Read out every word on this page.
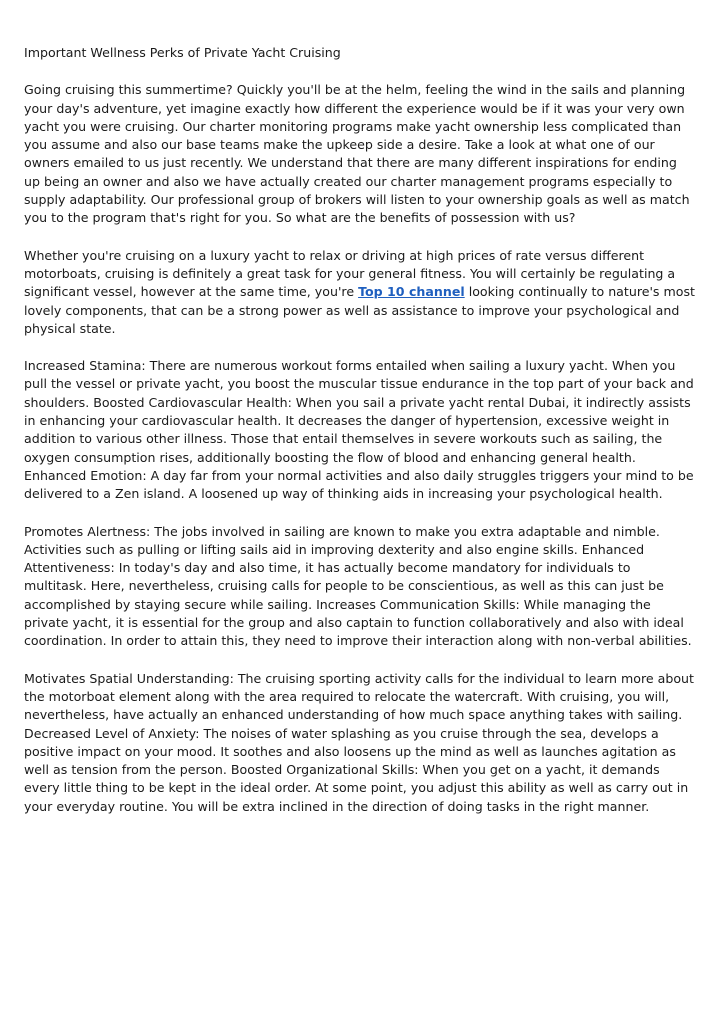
Important Wellness Perks of Private Yacht Cruising

Going cruising this summertime? Quickly you'll be at the helm, feeling the wind in the sails and planning your day's adventure, yet imagine exactly how different the experience would be if it was your very own yacht you were cruising. Our charter monitoring programs make yacht ownership less complicated than you assume and also our base teams make the upkeep side a desire. Take a look at what one of our owners emailed to us just recently. We understand that there are many different inspirations for ending up being an owner and also we have actually created our charter management programs especially to supply adaptability. Our professional group of brokers will listen to your ownership goals as well as match you to the program that's right for you. So what are the benefits of possession with us?

Whether you're cruising on a luxury yacht to relax or driving at high prices of rate versus different motorboats, cruising is definitely a great task for your general fitness. You will certainly be regulating a significant vessel, however at the same time, you're Top 10 channel looking continually to nature's most lovely components, that can be a strong power as well as assistance to improve your psychological and physical state.

Increased Stamina: There are numerous workout forms entailed when sailing a luxury yacht. When you pull the vessel or private yacht, you boost the muscular tissue endurance in the top part of your back and shoulders. Boosted Cardiovascular Health: When you sail a private yacht rental Dubai, it indirectly assists in enhancing your cardiovascular health. It decreases the danger of hypertension, excessive weight in addition to various other illness. Those that entail themselves in severe workouts such as sailing, the oxygen consumption rises, additionally boosting the flow of blood and enhancing general health. Enhanced Emotion: A day far from your normal activities and also daily struggles triggers your mind to be delivered to a Zen island. A loosened up way of thinking aids in increasing your psychological health.

Promotes Alertness: The jobs involved in sailing are known to make you extra adaptable and nimble. Activities such as pulling or lifting sails aid in improving dexterity and also engine skills. Enhanced Attentiveness: In today's day and also time, it has actually become mandatory for individuals to multitask. Here, nevertheless, cruising calls for people to be conscientious, as well as this can just be accomplished by staying secure while sailing. Increases Communication Skills: While managing the private yacht, it is essential for the group and also captain to function collaboratively and also with ideal coordination. In order to attain this, they need to improve their interaction along with non-verbal abilities.

Motivates Spatial Understanding: The cruising sporting activity calls for the individual to learn more about the motorboat element along with the area required to relocate the watercraft. With cruising, you will, nevertheless, have actually an enhanced understanding of how much space anything takes with sailing. Decreased Level of Anxiety: The noises of water splashing as you cruise through the sea, develops a positive impact on your mood. It soothes and also loosens up the mind as well as launches agitation as well as tension from the person. Boosted Organizational Skills: When you get on a yacht, it demands every little thing to be kept in the ideal order. At some point, you adjust this ability as well as carry out in your everyday routine. You will be extra inclined in the direction of doing tasks in the right manner.
